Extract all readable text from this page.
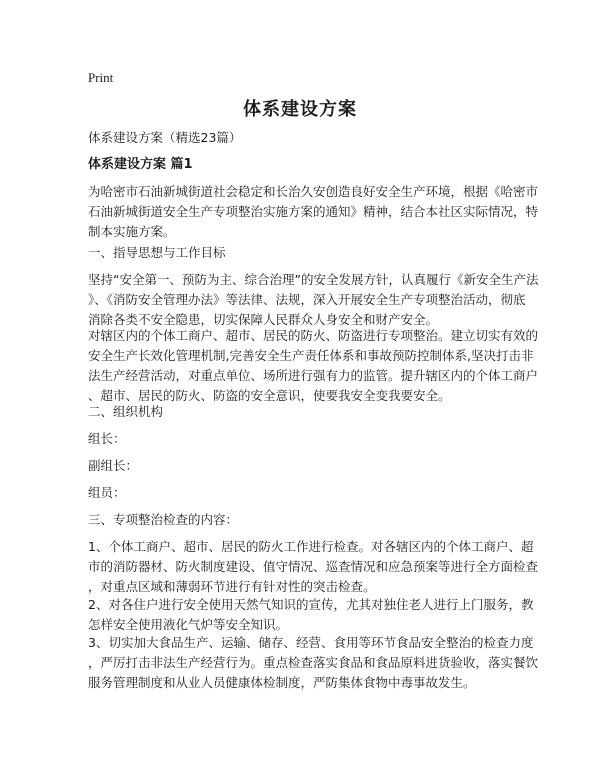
Print
体系建设方案
体系建设方案（精选23篇）
体系建设方案 篇1
为哈密市石油新城街道社会稳定和长治久安创造良好安全生产环境，根据《哈密市
石油新城街道安全生产专项整治实施方案的通知》精神，结合本社区实际情况，特
制本实施方案。
一、指导思想与工作目标
坚持“安全第一、预防为主、综合治理”的安全发展方针，认真履行《新安全生产法
》、《消防安全管理办法》等法律、法规，深入开展安全生产专项整治活动，彻底
消除各类不安全隐患，切实保障人民群众人身安全和财产安全。
对辖区内的个体工商户、超市、居民的防火、防盗进行专项整治。建立切实有效的
安全生产长效化管理机制,完善安全生产责任体系和事故预防控制体系,坚决打击非
法生产经营活动，对重点单位、场所进行强有力的监管。提升辖区内的个体工商户
、超市、居民的防火、防盗的安全意识，使要我安全变我要安全。
二、组织机构
组长：
副组长：
组员：
三、专项整治检查的内容：
1、个体工商户、超市、居民的防火工作进行检查。对各辖区内的个体工商户、超
市的消防器材、防火制度建设、值守情况、巡查情况和应急预案等进行全方面检查
，对重点区域和薄弱环节进行有针对性的突击检查。
2、对各住户进行安全使用天然气知识的宣传，尤其对独住老人进行上门服务，教
怎样安全使用液化气炉等安全知识。
3、切实加大食品生产、运输、储存、经营、食用等环节食品安全整治的检查力度
，严厉打击非法生产经营行为。重点检查落实食品和食品原料进货验收，落实餐饮
服务管理制度和从业人员健康体检制度，严防集体食物中毒事故发生。
